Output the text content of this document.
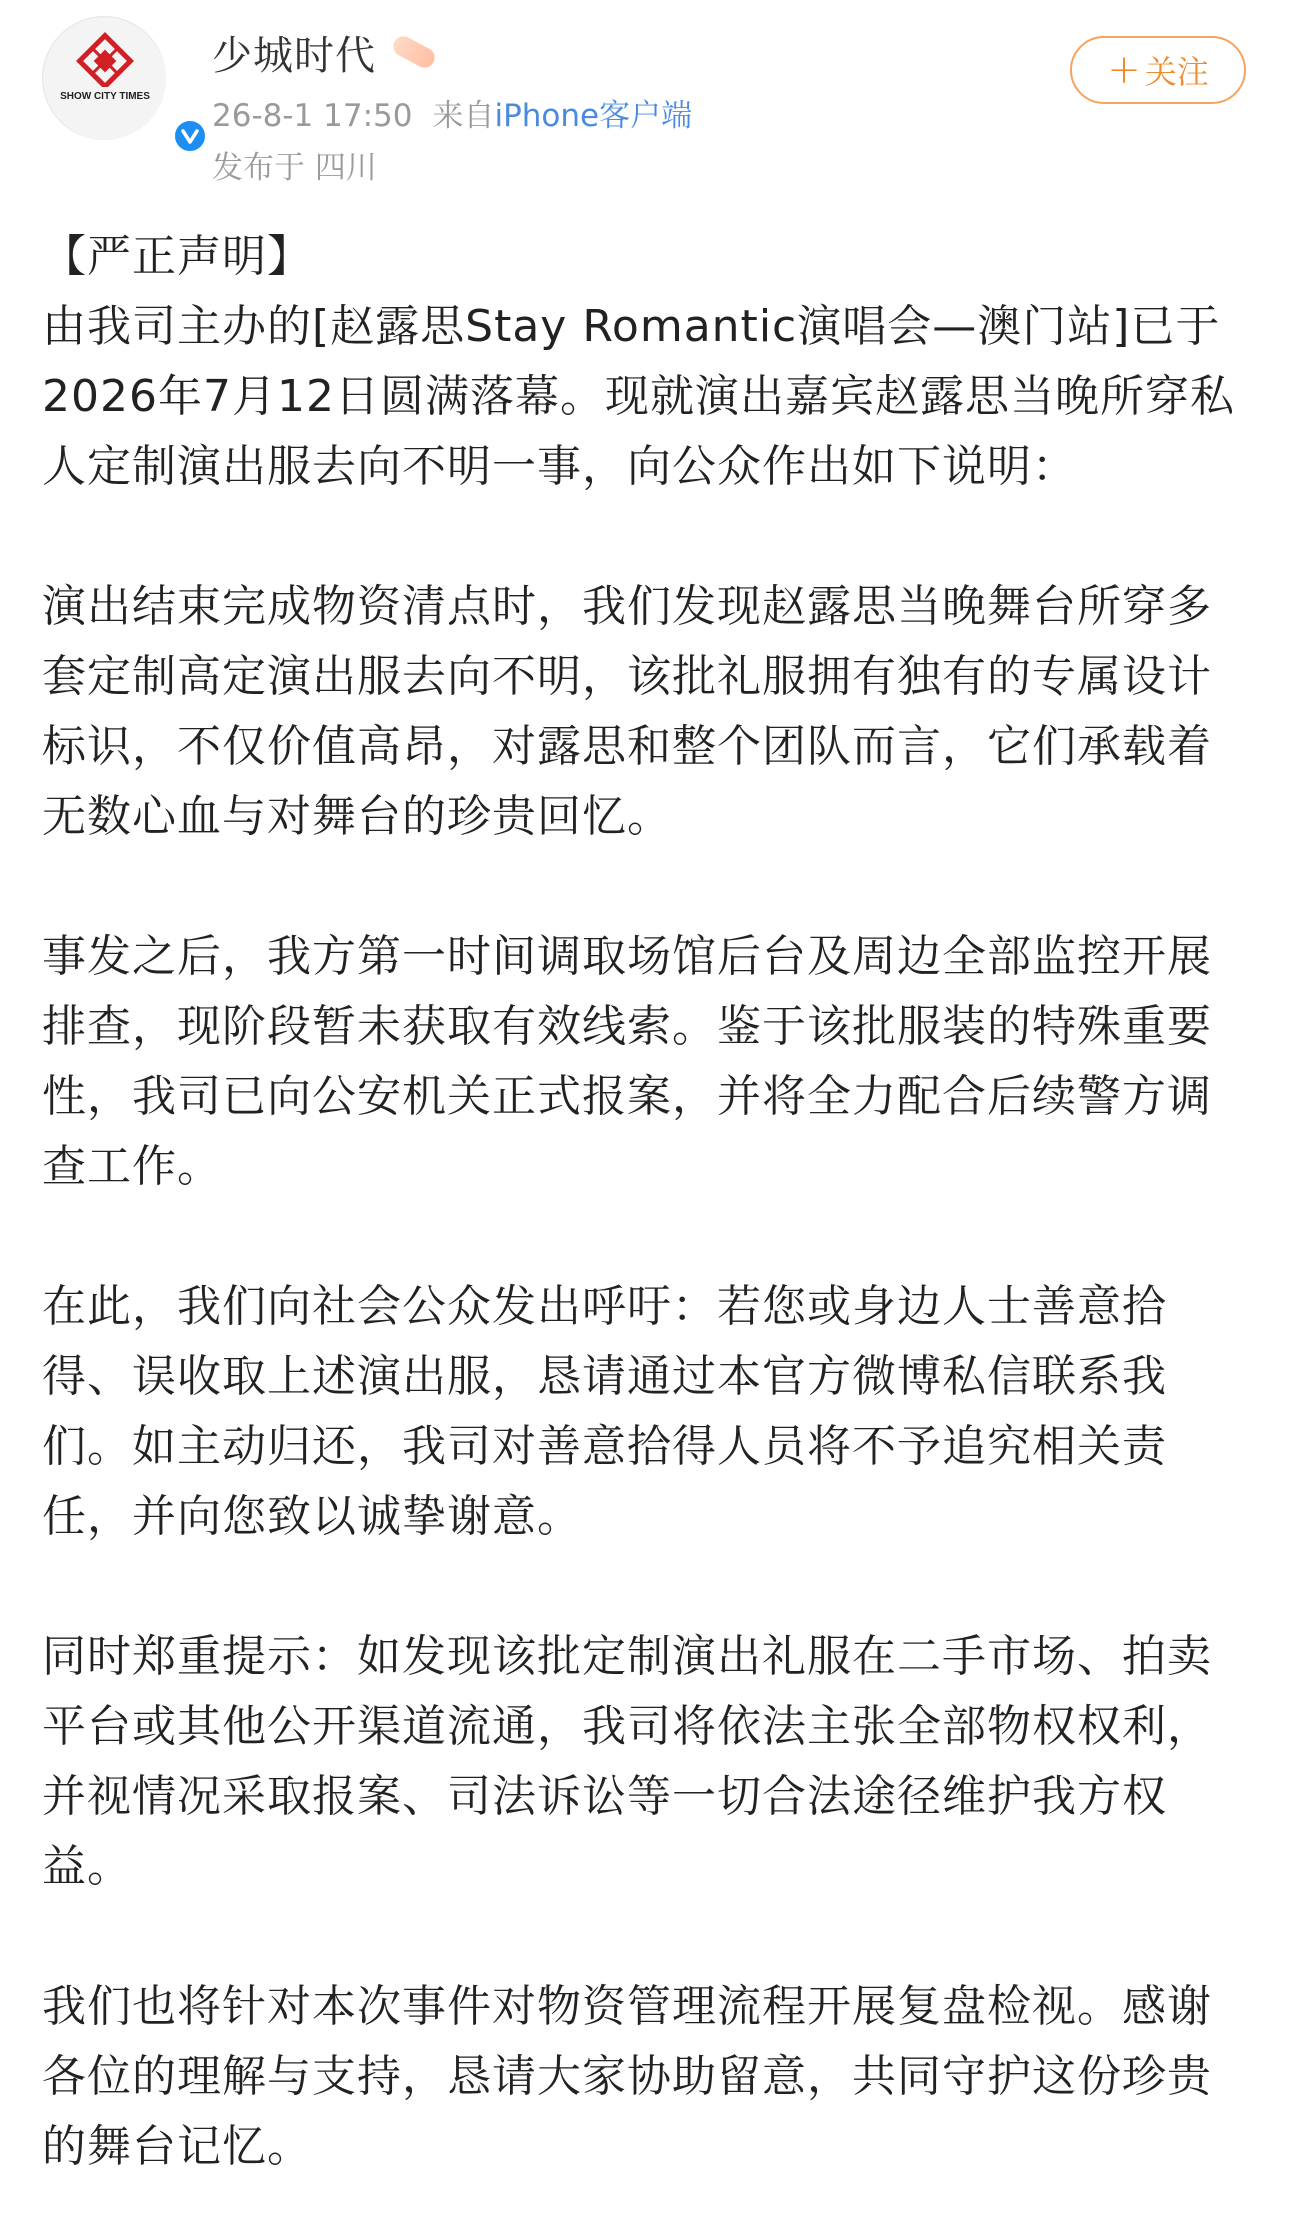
SHOW CITY TIMES
少城时代
26-8-1 17:50 来自iPhone客户端
发布于 四川
+ 关注

【严正声明】

由我司主办的[赵露思Stay Romantic演唱会—澳门站]已于2026年7月12日圆满落幕。现就演出嘉宾赵露思当晚所穿私人定制演出服去向不明一事，向公众作出如下说明：

演出结束完成物资清点时，我们发现赵露思当晚舞台所穿多套定制高定演出服去向不明，该批礼服拥有独有的专属设计标识，不仅价值高昂，对露思和整个团队而言，它们承载着无数心血与对舞台的珍贵回忆。

事发之后，我方第一时间调取场馆后台及周边全部监控开展排查，现阶段暂未获取有效线索。鉴于该批服装的特殊重要性，我司已向公安机关正式报案，并将全力配合后续警方调查工作。

在此，我们向社会公众发出呼吁：若您或身边人士善意拾得、误收取上述演出服，恳请通过本官方微博私信联系我们。如主动归还，我司对善意拾得人员将不予追究相关责任，并向您致以诚挚谢意。

同时郑重提示：如发现该批定制演出礼服在二手市场、拍卖平台或其他公开渠道流通，我司将依法主张全部物权权利，并视情况采取报案、司法诉讼等一切合法途径维护我方权益。

我们也将针对本次事件对物资管理流程开展复盘检视。感谢各位的理解与支持，恳请大家协助留意，共同守护这份珍贵的舞台记忆。
